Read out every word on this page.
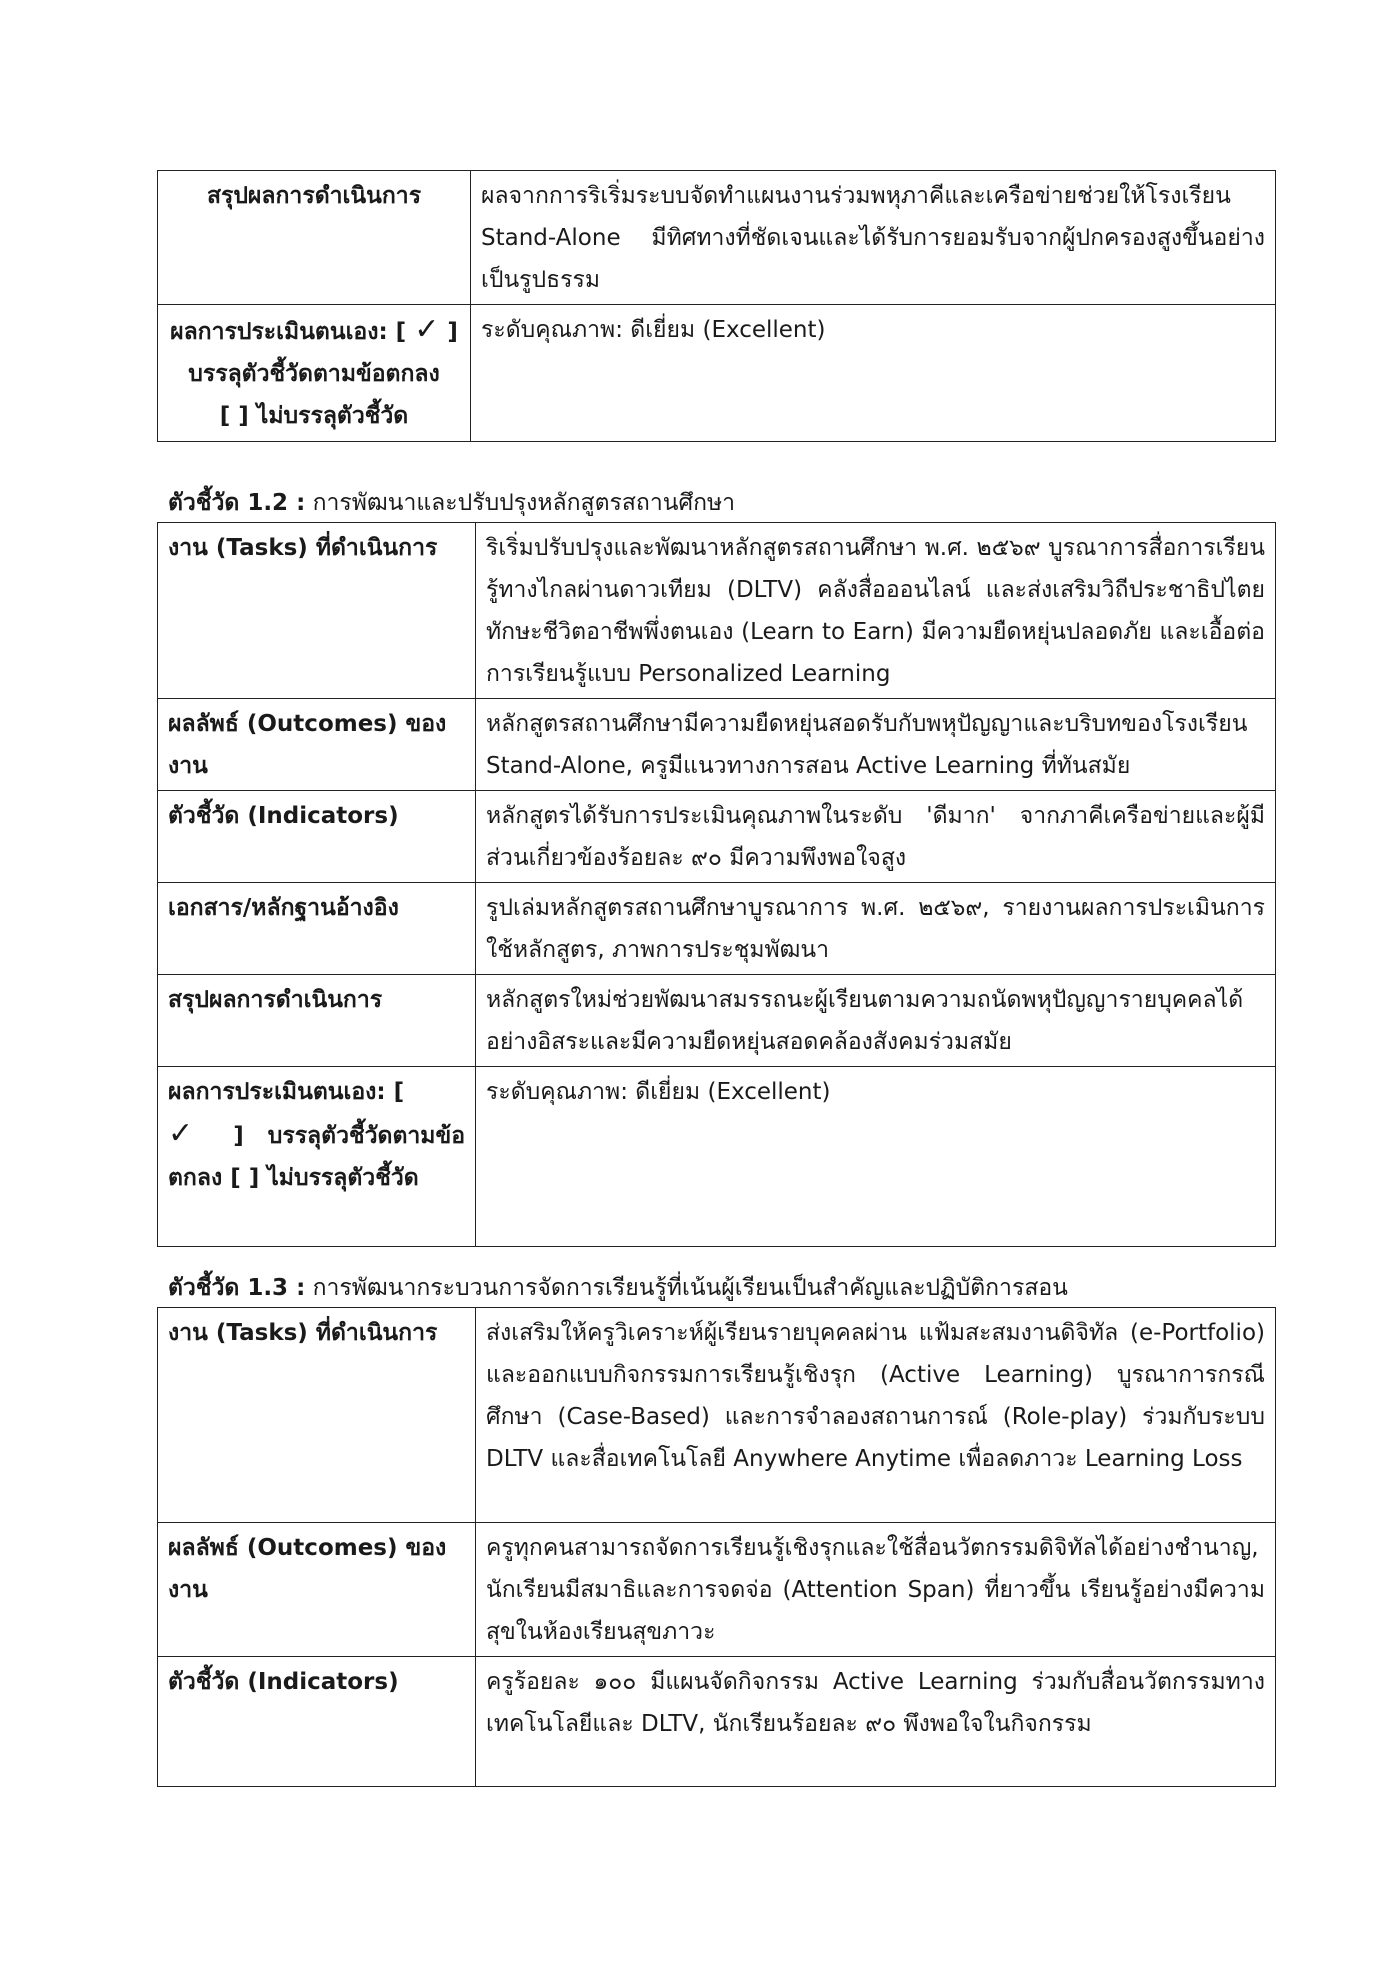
สรุปผลการดำเนินการ	ผลจากการริเริ่มระบบจัดทำแผนงานร่วมพหุภาคีและเครือข่ายช่วยให้โรงเรียน Stand-Alone มีทิศทางที่ชัดเจนและได้รับการยอมรับจากผู้ปกครองสูงขึ้นอย่างเป็นรูปธรรม
ผลการประเมินตนเอง: [ ✓ ] บรรลุตัวชี้วัดตามข้อตกลง
[ ] ไม่บรรลุตัวชี้วัด	ระดับคุณภาพ: ดีเยี่ยม (Excellent)
ตัวชี้วัด 1.2 : การพัฒนาและปรับปรุงหลักสูตรสถานศึกษา
งาน (Tasks) ที่ดำเนินการ	ริเริ่มปรับปรุงและพัฒนาหลักสูตรสถานศึกษา พ.ศ. ๒๕๖๙ บูรณาการสื่อการเรียนรู้ทางไกลผ่านดาวเทียม (DLTV) คลังสื่อออนไลน์ และส่งเสริมวิถีประชาธิปไตย ทักษะชีวิตอาชีพพึ่งตนเอง (Learn to Earn) มีความยืดหยุ่นปลอดภัย และเอื้อต่อการเรียนรู้แบบ Personalized Learning
ผลลัพธ์ (Outcomes) ของงาน	หลักสูตรสถานศึกษามีความยืดหยุ่นสอดรับกับพหุปัญญาและบริบทของโรงเรียน Stand-Alone, ครูมีแนวทางการสอน Active Learning ที่ทันสมัย
ตัวชี้วัด (Indicators)	หลักสูตรได้รับการประเมินคุณภาพในระดับ 'ดีมาก' จากภาคีเครือข่ายและผู้มีส่วนเกี่ยวข้องร้อยละ ๙๐ มีความพึงพอใจสูง
เอกสาร/หลักฐานอ้างอิง	รูปเล่มหลักสูตรสถานศึกษาบูรณาการ พ.ศ. ๒๕๖๙, รายงานผลการประเมินการใช้หลักสูตร, ภาพการประชุมพัฒนา
สรุปผลการดำเนินการ	หลักสูตรใหม่ช่วยพัฒนาสมรรถนะผู้เรียนตามความถนัดพหุปัญญารายบุคคลได้อย่างอิสระและมีความยืดหยุ่นสอดคล้องสังคมร่วมสมัย
ผลการประเมินตนเอง: [
✓ ] บรรลุตัวชี้วัดตามข้อตกลง [ ] ไม่บรรลุตัวชี้วัด	ระดับคุณภาพ: ดีเยี่ยม (Excellent)
ตัวชี้วัด 1.3 : การพัฒนากระบวนการจัดการเรียนรู้ที่เน้นผู้เรียนเป็นสำคัญและปฏิบัติการสอน
งาน (Tasks) ที่ดำเนินการ	ส่งเสริมให้ครูวิเคราะห์ผู้เรียนรายบุคคลผ่าน แฟ้มสะสมงานดิจิทัล (e-Portfolio) และออกแบบกิจกรรมการเรียนรู้เชิงรุก (Active Learning) บูรณาการกรณีศึกษา (Case-Based) และการจำลองสถานการณ์ (Role-play) ร่วมกับระบบ DLTV และสื่อเทคโนโลยี Anywhere Anytime เพื่อลดภาวะ Learning Loss
ผลลัพธ์ (Outcomes) ของงาน	ครูทุกคนสามารถจัดการเรียนรู้เชิงรุกและใช้สื่อนวัตกรรมดิจิทัลได้อย่างชำนาญ, นักเรียนมีสมาธิและการจดจ่อ (Attention Span) ที่ยาวขึ้น เรียนรู้อย่างมีความสุขในห้องเรียนสุขภาวะ
ตัวชี้วัด (Indicators)	ครูร้อยละ ๑๐๐ มีแผนจัดกิจกรรม Active Learning ร่วมกับสื่อนวัตกรรมทางเทคโนโลยีและ DLTV, นักเรียนร้อยละ ๙๐ พึงพอใจในกิจกรรม
